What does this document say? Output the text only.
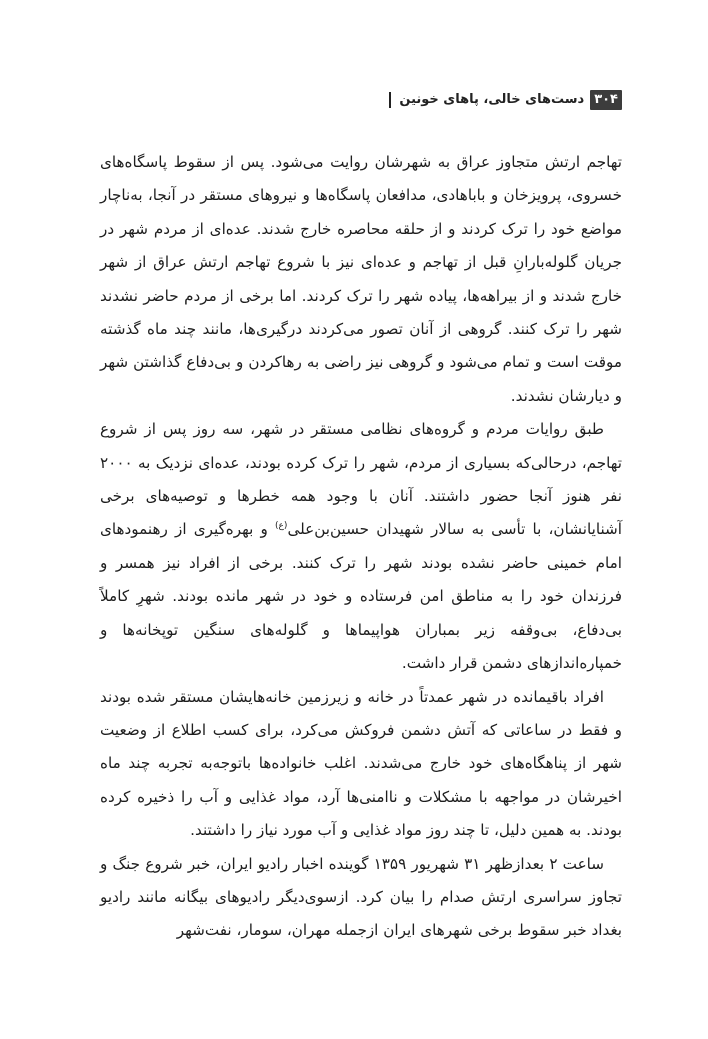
۳۰۴
دست‌های خالی، پاهای خونین

تهاجم ارتش متجاوز عراق به شهرشان روایت می‌شود. پس از سقوط پاسگاه‌های خسروی، پرویزخان و باباهادی، مدافعان پاسگاه‌ها و نیروهای مستقر در آنجا، به‌ناچار مواضع خود را ترک کردند و از حلقه محاصره خارج شدند. عده‌ای از مردم شهر در جریان گلوله‌بارانِ قبل از تهاجم و عده‌ای نیز با شروع تهاجم ارتش عراق از شهر خارج شدند و از بیراهه‌ها، پیاده شهر را ترک کردند. اما برخی از مردم حاضر نشدند شهر را ترک کنند. گروهی از آنان تصور می‌کردند درگیری‌ها، مانند چند ماه گذشته موقت است و تمام می‌شود و گروهی نیز راضی به رهاکردن و بی‌دفاع گذاشتن شهر و دیارشان نشدند.

طبق روایات مردم و گروه‌های نظامی مستقر در شهر، سه روز پس از شروع تهاجم، درحالی‌که بسیاری از مردم، شهر را ترک کرده بودند، عده‌ای نزدیک به ۲۰۰۰ نفر هنوز آنجا حضور داشتند. آنان با وجود همه خطرها و توصیه‌های برخی آشنایانشان، با تأسی به سالار شهیدان حسین‌بن‌علی$^{(ع)}$ و بهره‌گیری از رهنمودهای امام خمینی حاضر نشده بودند شهر را ترک کنند. برخی از افراد نیز همسر و فرزندان خود را به مناطق امن فرستاده و خود در شهر مانده بودند. شهرِ کاملاً بی‌دفاع، بی‌وقفه زیر بمباران هواپیماها و گلوله‌های سنگین توپخانه‌ها و خمپاره‌اندازهای دشمن قرار داشت.

افراد باقیمانده در شهر عمدتاً در خانه و زیرزمین خانه‌هایشان مستقر شده بودند و فقط در ساعاتی که آتش دشمن فروکش می‌کرد، برای کسب اطلاع از وضعیت شهر از پناهگاه‌های خود خارج می‌شدند. اغلب خانواده‌ها باتوجه‌به تجربه چند ماه اخیرشان در مواجهه با مشکلات و ناامنی‌ها آرد، مواد غذایی و آب را ذخیره کرده بودند. به همین دلیل، تا چند روز مواد غذایی و آب مورد نیاز را داشتند.

ساعت ۲ بعدازظهر ۳۱ شهریور ۱۳۵۹ گوینده اخبار رادیو ایران، خبر شروع جنگ و تجاوز سراسری ارتش صدام را بیان کرد. ازسوی‌دیگر رادیوهای بیگانه مانند رادیو بغداد خبر سقوط برخی شهرهای ایران ازجمله مهران، سومار، نفت‌شهر
